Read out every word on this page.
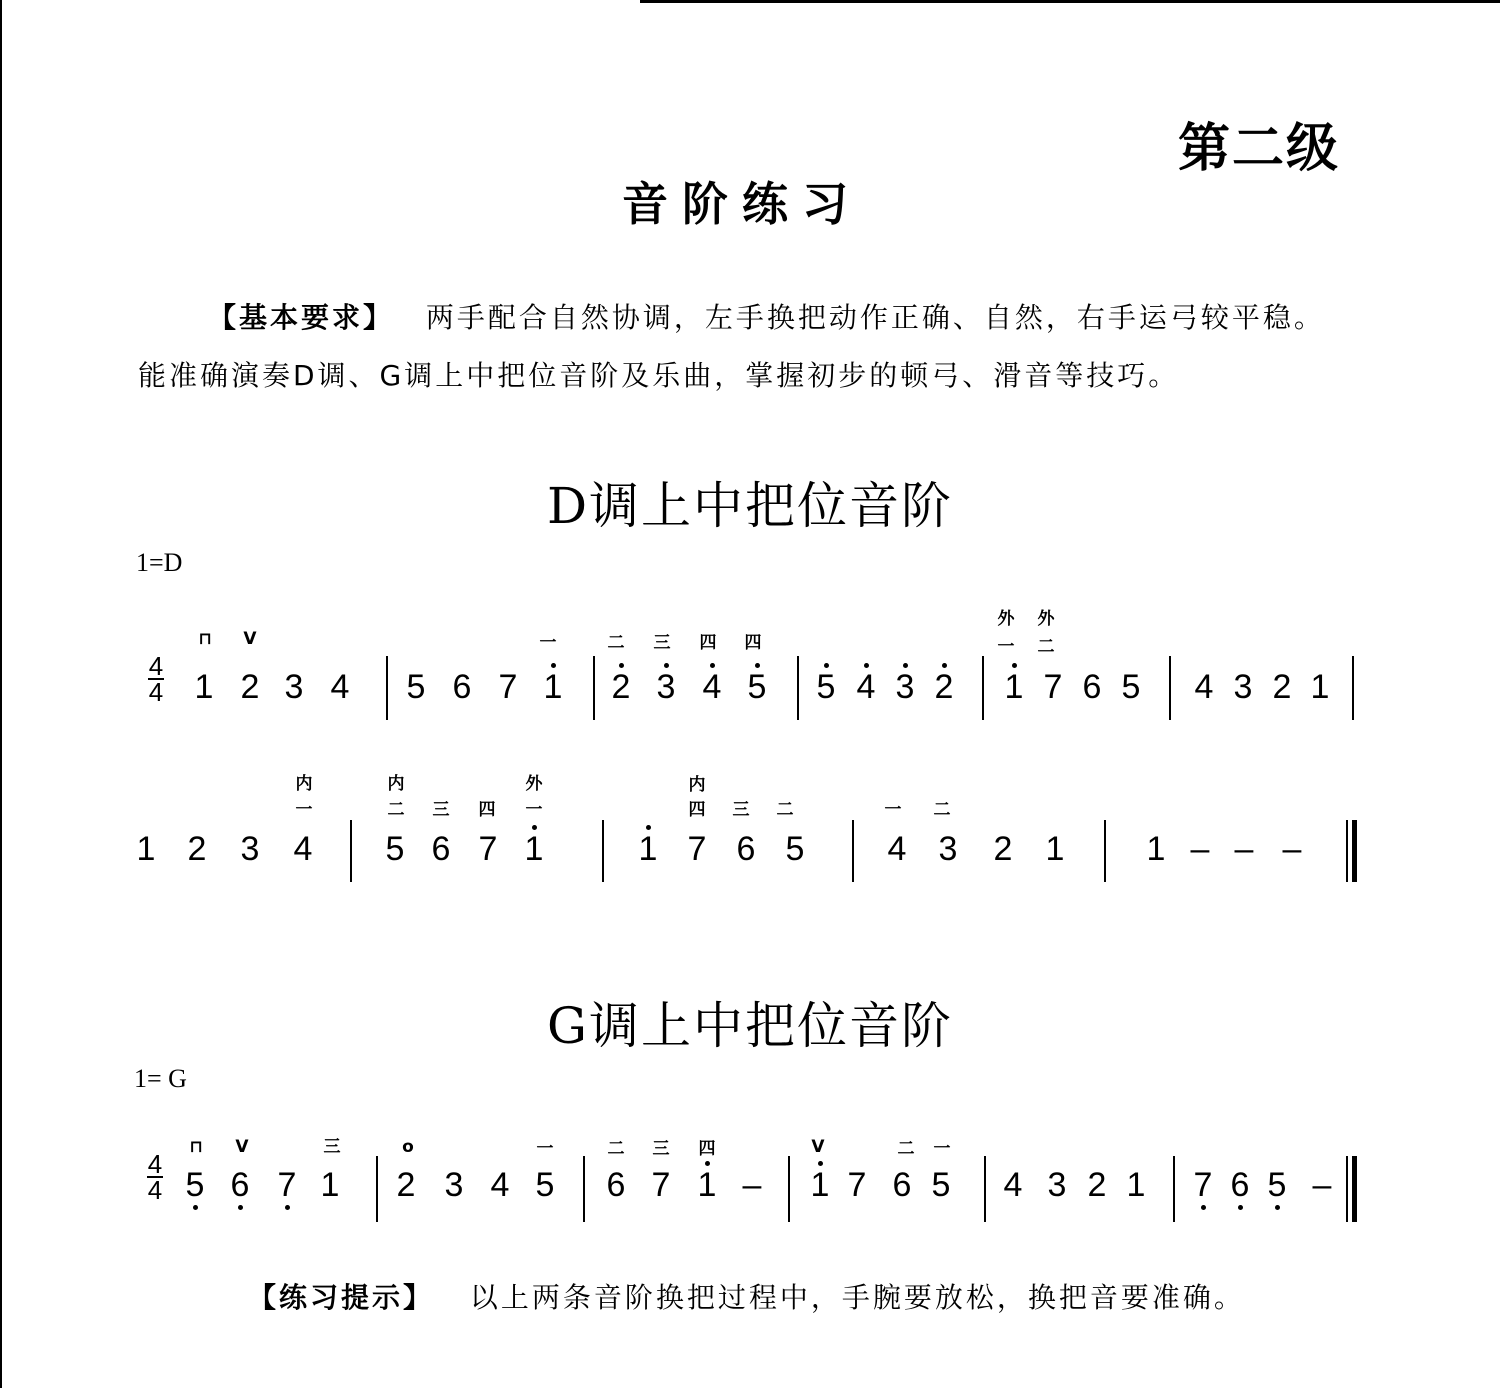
第二级
音阶练习
【基本要求】 两手配合自然协调，左手换把动作正确、自然，右手运弓较平稳。
能准确演奏D调、G调上中把位音阶及乐曲，掌握初步的顿弓、滑音等技巧。
D调上中把位音阶
1=D
4
4 1 2 3 4 5 6 7 1 2 3 4 5 5 4 3 2 1 7 6 5 4 3 2 1
⊓	V	一	二	三	四	四
外	外
一	二
1 2 3 4 5 6 7 1	1 7 6 5 4 3 2 1 1 – – –
内
一
内
二	三	四
外
一
内
四	三	二	一	二
G调上中把位音阶
1= G
4
4 5 6 7 1 2 3 4 5 6 7 1 – 1 7 6 5 4 3 2 1 7 6 5 –
⊓	V	三	o	一	二	三	四	V	二	一
【练习提示】 以上两条音阶换把过程中，手腕要放松，换把音要准确。
